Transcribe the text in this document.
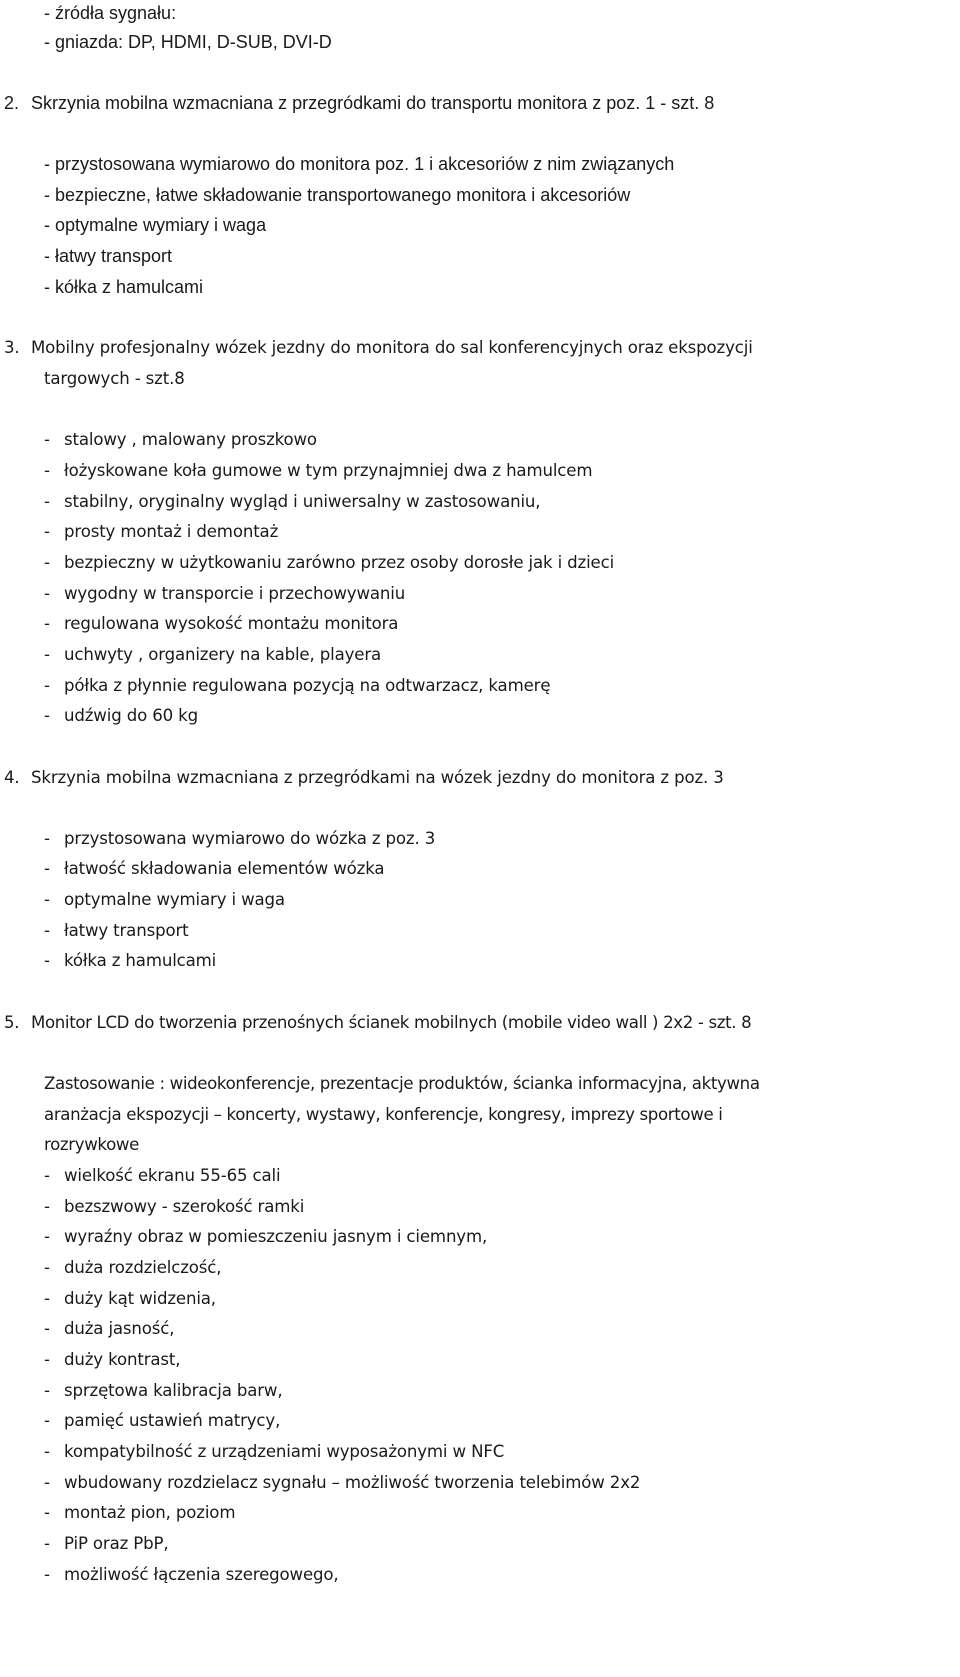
- źródła sygnału:
- gniazda: DP, HDMI, D-SUB, DVI-D
2. Skrzynia mobilna wzmacniana z przegródkami do transportu monitora z poz. 1 - szt. 8
- przystosowana wymiarowo do monitora poz. 1 i akcesoriów z nim związanych
- bezpieczne, łatwe składowanie transportowanego monitora i akcesoriów
- optymalne wymiary i waga
- łatwy transport
- kółka z hamulcami
3. Mobilny profesjonalny wózek jezdny do monitora do sal konferencyjnych oraz ekspozycji
targowych - szt.8
- stalowy , malowany proszkowo
- łożyskowane koła gumowe w tym przynajmniej dwa z hamulcem
- stabilny, oryginalny wygląd i uniwersalny w zastosowaniu,
- prosty montaż i demontaż
- bezpieczny w użytkowaniu zarówno przez osoby dorosłe jak i dzieci
- wygodny w transporcie i przechowywaniu
- regulowana wysokość montażu monitora
- uchwyty , organizery na kable, playera
- półka z płynnie regulowana pozycją na odtwarzacz, kamerę
- udźwig do 60 kg
4. Skrzynia mobilna wzmacniana z przegródkami na wózek jezdny do monitora z poz. 3
- przystosowana wymiarowo do wózka z poz. 3
- łatwość składowania elementów wózka
- optymalne wymiary i waga
- łatwy transport
- kółka z hamulcami
5. Monitor LCD do tworzenia przenośnych ścianek mobilnych (mobile video wall ) 2x2 - szt. 8
Zastosowanie : wideokonferencje, prezentacje produktów, ścianka informacyjna, aktywna
aranżacja ekspozycji – koncerty, wystawy, konferencje, kongresy, imprezy sportowe i
rozrywkowe
- wielkość ekranu 55-65 cali
- bezszwowy - szerokość ramki
- wyraźny obraz w pomieszczeniu jasnym i ciemnym,
- duża rozdzielczość,
- duży kąt widzenia,
- duża jasność,
- duży kontrast,
- sprzętowa kalibracja barw,
- pamięć ustawień matrycy,
- kompatybilność z urządzeniami wyposażonymi w NFC
- wbudowany rozdzielacz sygnału – możliwość tworzenia telebimów 2x2
- montaż pion, poziom
- PiP oraz PbP,
- możliwość łączenia szeregowego,
